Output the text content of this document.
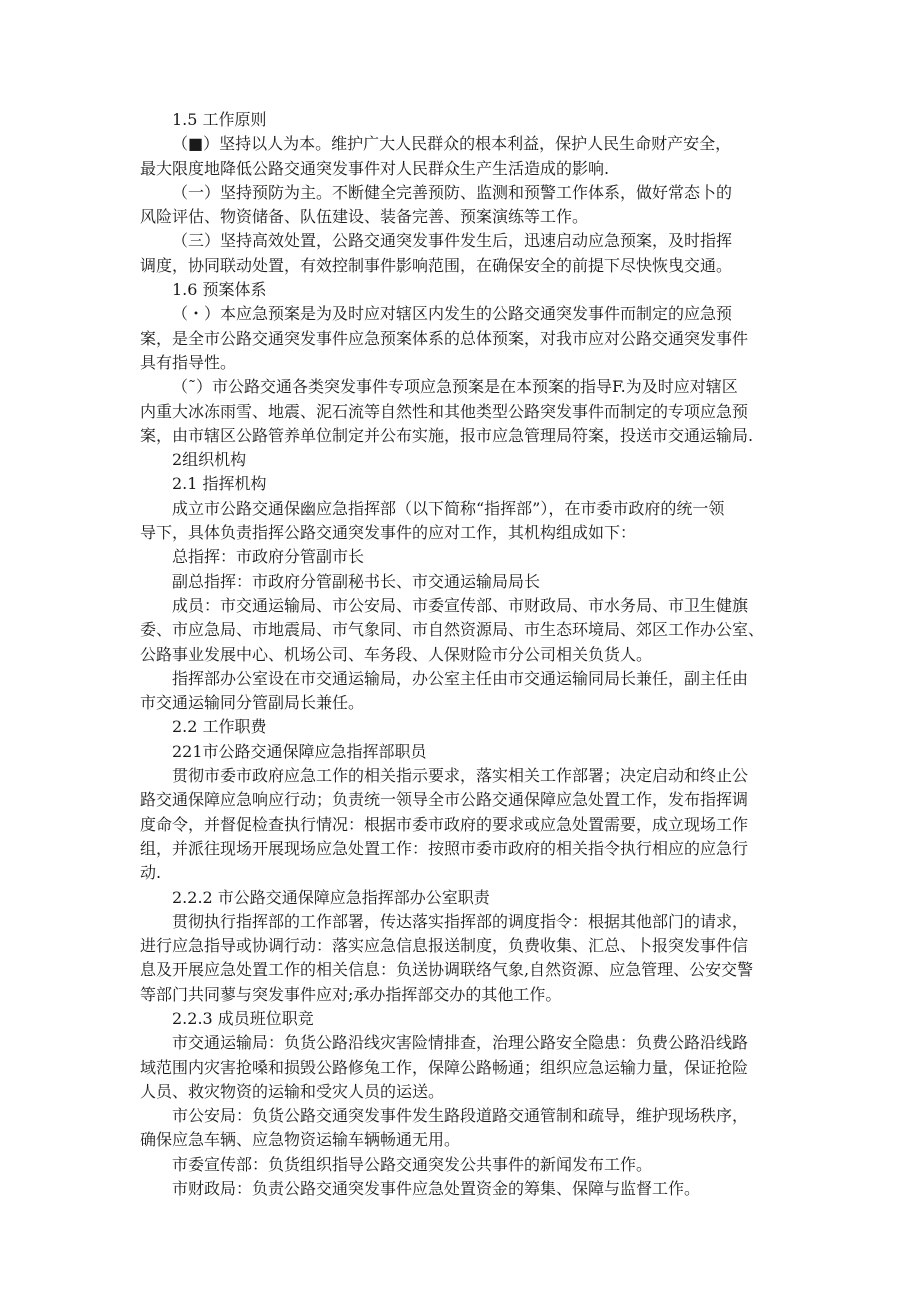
1.5 工作原则
（■）坚持以人为本。维护广大人民群众的根本利益，保护人民生命财产安全，
最大限度地降低公路交通突发事件对人民群众生产生活造成的影响.
（一）坚持预防为主。不断健全完善预防、监测和预警工作体系，做好常态卜的
风险评估、物资储备、队伍建设、装备完善、预案演练等工作。
（三）坚持高效处置，公路交通突发事件发生后，迅速启动应急预案，及时指挥
调度，协同联动处置，有效控制事件影响范围，在确保安全的前提下尽快恢曳交通。
1.6 预案体系
（・）本应急预案是为及时应对辖区内发生的公路交通突发事件而制定的应急预
案，是全市公路交通突发事件应急预案体系的总体预案，对我市应对公路交通突发事件
具有指导性。
（˜）市公路交通各类突发事件专项应急预案是在本预案的指导F.为及时应对辖区
内重大冰冻雨雪、地震、泥石流等自然性和其他类型公路突发事件而制定的专项应急预
案，由市辖区公路管养单位制定并公布实施，报市应急管理局符案，投送市交通运输局.
2组织机构
2.1 指挥机构
成立市公路交通保幽应急指挥部（以下简称“指挥部”），在市委市政府的统一领
导下，具体负责指挥公路交通突发事件的应对工作，其机构组成如下：
总指挥：市政府分管副市长
副总指挥：市政府分管副秘书长、市交通运输局局长
成员：市交通运输局、市公安局、市委宣传部、市财政局、市水务局、市卫生健旗
委、市应急局、市地震局、市气象同、市自然资源局、市生态环境局、郊区工作办公室、
公路事业发展中心、机场公司、车务段、人保财险市分公司相关负货人。
指挥部办公室设在市交通运输局，办公室主任由市交通运输同局长兼任，副主任由
市交通运输同分管副局长兼任。
2.2 工作职费
221市公路交通保障应急指挥部职员
贯彻市委市政府应急工作的相关指示要求，落实相关工作部署；决定启动和终止公
路交通保障应急响应行动；负责统一领导全市公路交通保障应急处置工作，发布指挥调
度命令，并督促检查执行情况：根据市委市政府的要求或应急处置需要，成立现场工作
组，并派往现场开展现场应急处置工作：按照市委市政府的相关指令执行相应的应急行
动.
2.2.2 市公路交通保障应急指挥部办公室职责
贯彻执行指挥部的工作部署，传达落实指挥部的调度指令：根据其他部门的请求，
进行应急指导或协调行动：落实应急信息报送制度，负费收集、汇总、卜报突发事件信
息及开展应急处置工作的相关信息：负送协调联络气象,自然资源、应急管理、公安交警
等部门共同蓼与突发事件应对;承办指挥部交办的其他工作。
2.2.3 成员班位职竞
市交通运输局：负货公路沿线灾害险情排查，治理公路安全隐患：负费公路沿线路
域范围内灾害抢嗓和损毁公路修兔工作，保障公路畅通；组织应急运输力量，保证抢险
人员、救灾物资的运输和受灾人员的运送。
市公安局：负货公路交通突发事件发生路段道路交通管制和疏导，维护现场秩序，
确保应急车辆、应急物资运输车辆畅通无用。
市委宣传部：负货组织指导公路交通突发公共事件的新闻发布工作。
市财政局：负责公路交通突发事件应急处置资金的筹集、保障与监督工作。
